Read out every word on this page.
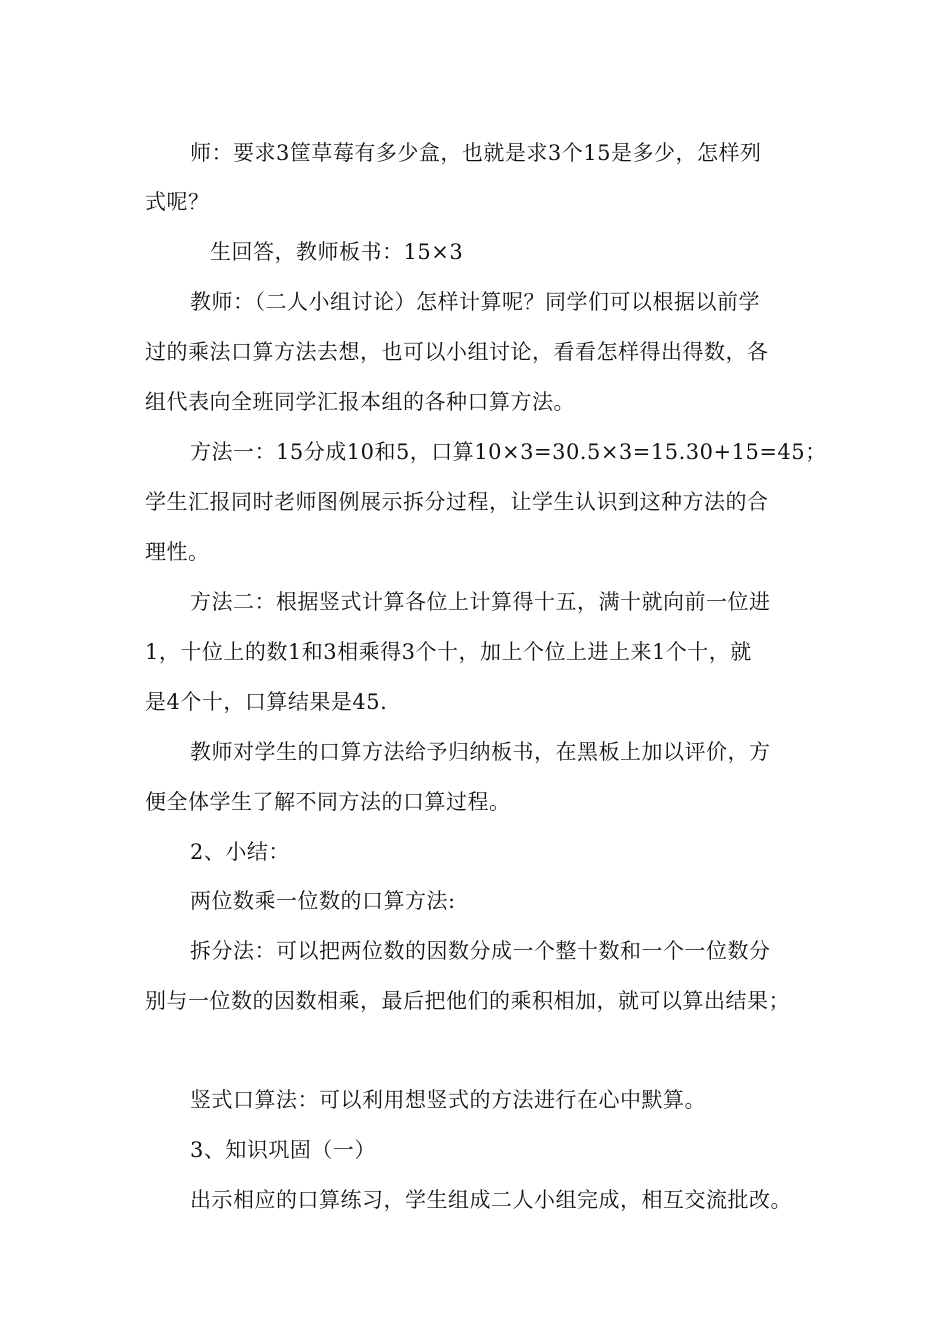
师：要求3筐草莓有多少盒，也就是求3个15是多少，怎样列
式呢？
生回答，教师板书：15×3
教师：（二人小组讨论）怎样计算呢？同学们可以根据以前学
过的乘法口算方法去想，也可以小组讨论，看看怎样得出得数，各
组代表向全班同学汇报本组的各种口算方法。
方法一：15分成10和5，口算10×3=30.5×3=15.30+15=45；
学生汇报同时老师图例展示拆分过程，让学生认识到这种方法的合
理性。
方法二：根据竖式计算各位上计算得十五，满十就向前一位进
1，十位上的数1和3相乘得3个十，加上个位上进上来1个十，就
是4个十，口算结果是45.
教师对学生的口算方法给予归纳板书，在黑板上加以评价，方
便全体学生了解不同方法的口算过程。
2、小结：
两位数乘一位数的口算方法:
拆分法：可以把两位数的因数分成一个整十数和一个一位数分
别与一位数的因数相乘，最后把他们的乘积相加，就可以算出结果；
竖式口算法：可以利用想竖式的方法进行在心中默算。
3、知识巩固（一）
出示相应的口算练习，学生组成二人小组完成，相互交流批改。
